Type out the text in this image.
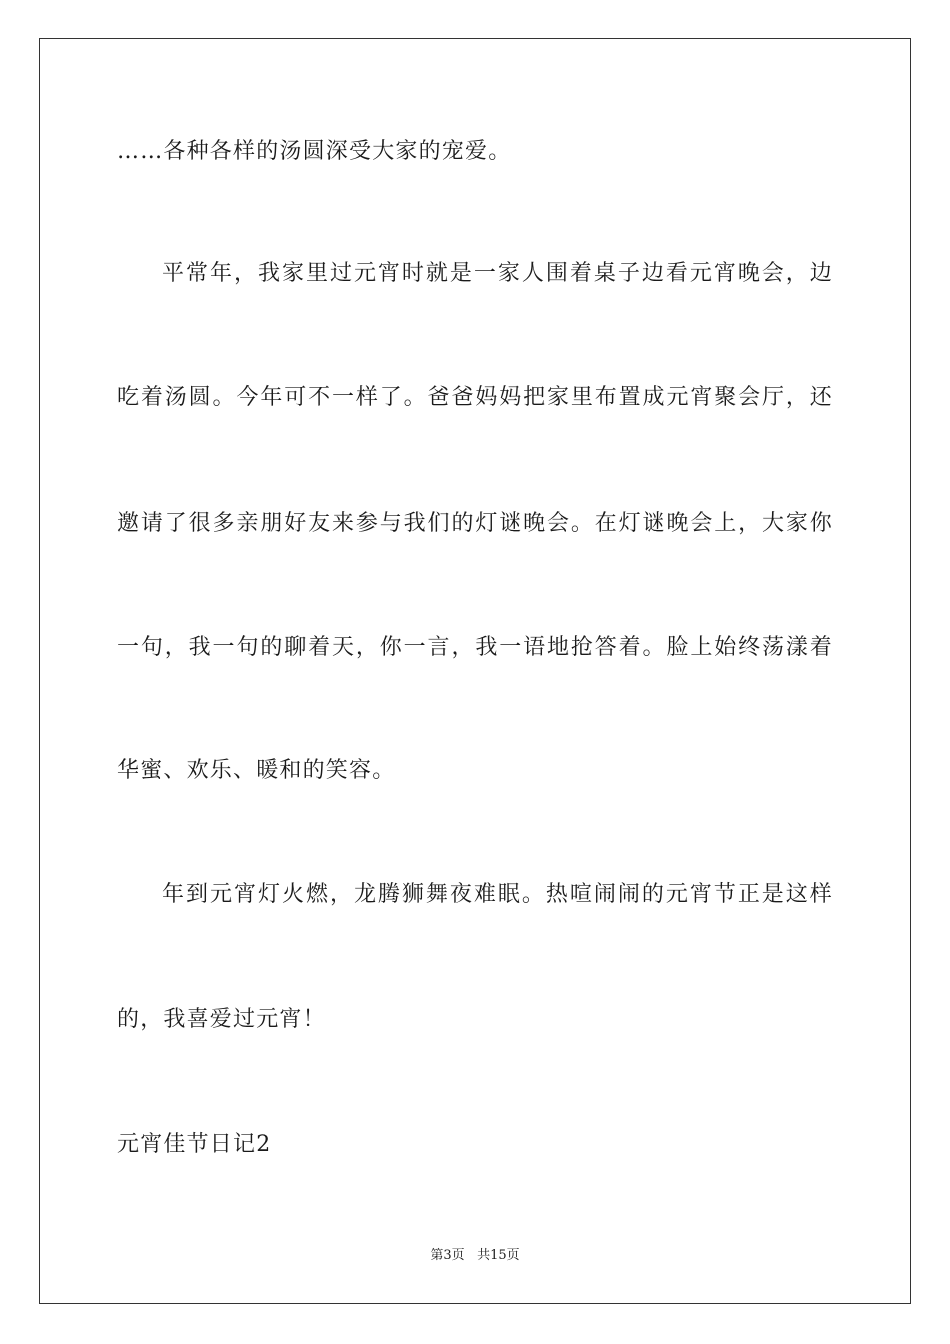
……各种各样的汤圆深受大家的宠爱。
平常年，我家里过元宵时就是一家人围着桌子边看元宵晚会，边
吃着汤圆。今年可不一样了。爸爸妈妈把家里布置成元宵聚会厅，还
邀请了很多亲朋好友来参与我们的灯谜晚会。在灯谜晚会上，大家你
一句，我一句的聊着天，你一言，我一语地抢答着。脸上始终荡漾着
华蜜、欢乐、暖和的笑容。
年到元宵灯火燃，龙腾狮舞夜难眠。热喧闹闹的元宵节正是这样
的，我喜爱过元宵！
元宵佳节日记2
第3页 共15页
